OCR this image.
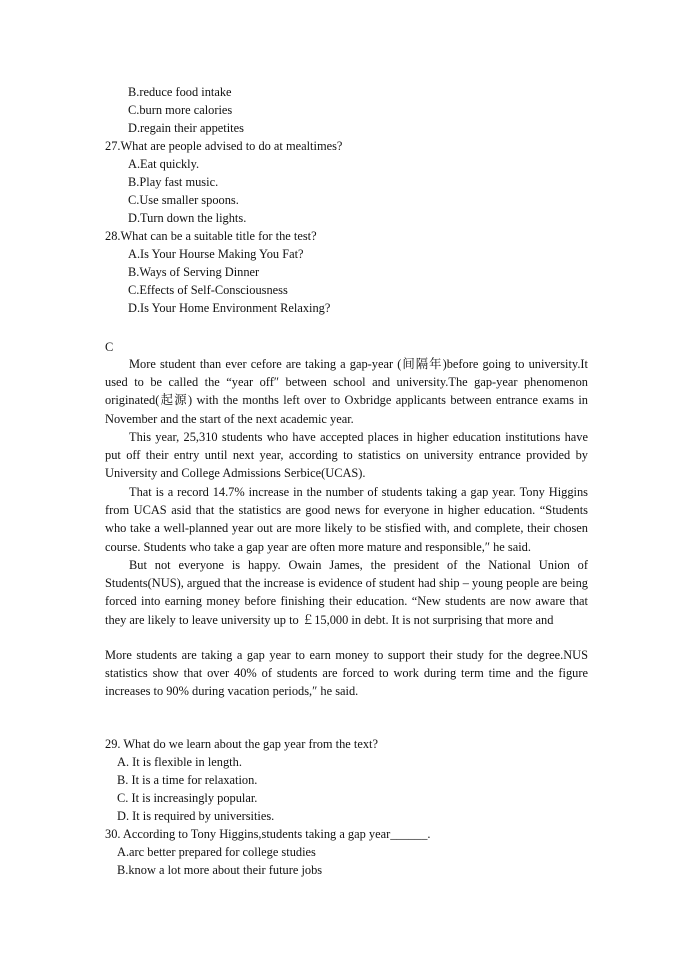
B.reduce food intake
C.burn more calories
D.regain their appetites
27.What are people advised to do at mealtimes?
A.Eat quickly.
B.Play fast music.
C.Use smaller spoons.
D.Turn down the lights.
28.What can be a suitable title for the test?
A.Is Your Hourse Making You Fat?
B.Ways of Serving Dinner
C.Effects of Self-Consciousness
D.Is Your Home Environment Relaxing?
C
More student than ever cefore are taking a gap-year (间隔年)before going to university.It used to be called the “year off″ between school and university.The gap-year phenomenon originated(起源) with the months left over to Oxbridge applicants between entrance exams in November and the start of the next academic year.
This year, 25,310 students who have accepted places in higher education institutions have put off their entry until next year, according to statistics on university entrance provided by University and College Admissions Serbice(UCAS).
That is a record 14.7% increase in the number of students taking a gap year. Tony Higgins from UCAS asid that the statistics are good news for everyone in higher education. “Students who take a well-planned year out are more likely to be stisfied with, and complete, their chosen course. Students who take a gap year are often more mature and responsible,″ he said.
But not everyone is happy. Owain James, the president of the National Union of Students(NUS), argued that the increase is evidence of student had ship – young people are being forced into earning money before finishing their education. “New students are now aware that they are likely to leave university up to ￡15,000 in debt. It is not surprising that more and
More students are taking a gap year to earn money to support their study for the degree.NUS statistics show that over 40% of students are forced to work during term time and the figure increases to 90% during vacation periods,″ he said.
29. What do we learn about the gap year from the text?
A. It is flexible in length.
B. It is a time for relaxation.
C. It is increasingly popular.
D. It is required by universities.
30. According to Tony Higgins,students taking a gap year______.
A.arc better prepared for college studies
B.know a lot more about their future jobs
